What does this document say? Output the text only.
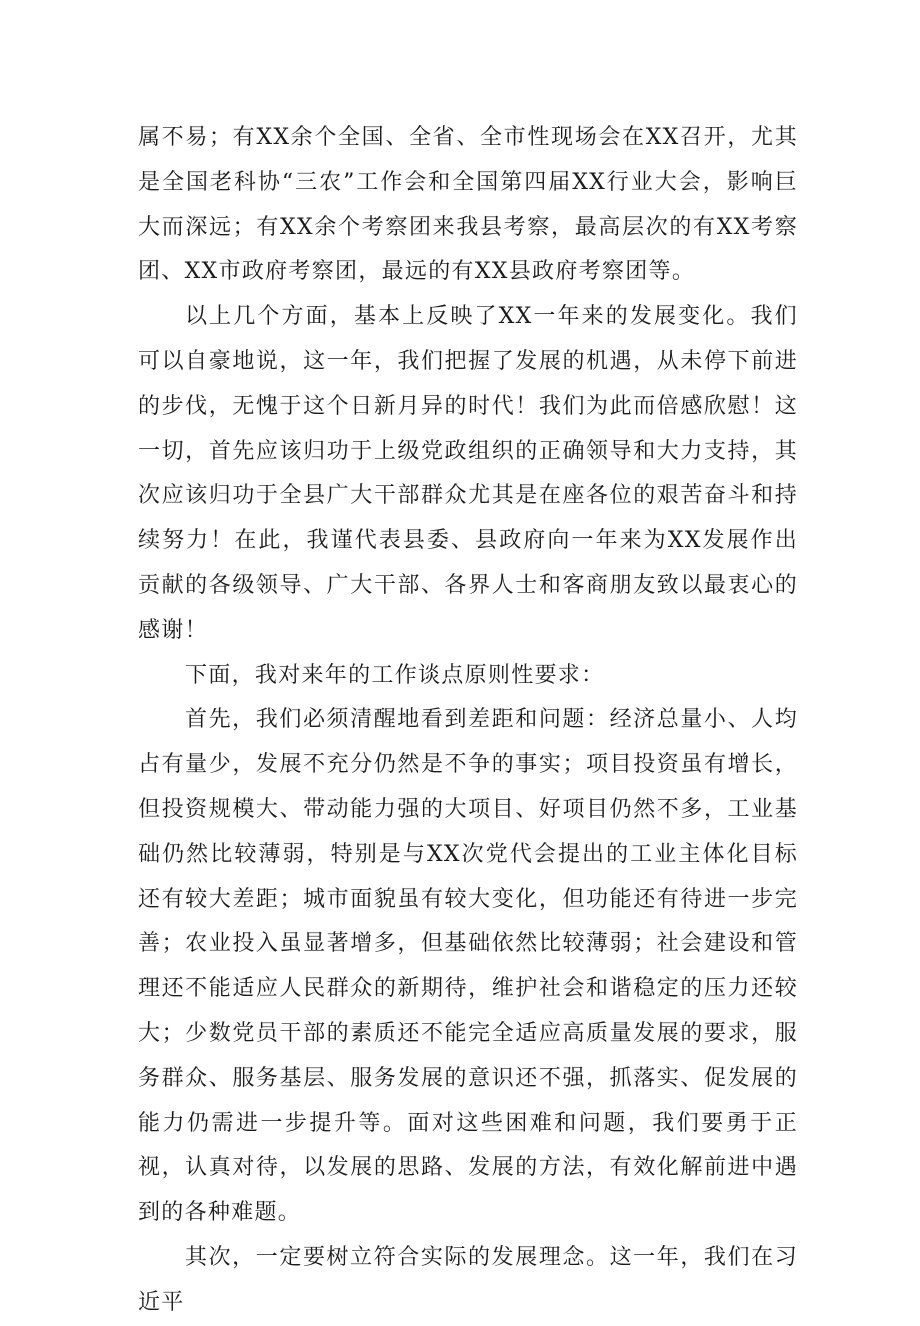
属不易；有XX余个全国、全省、全市性现场会在XX召开，尤其是全国老科协“三农”工作会和全国第四届XX行业大会，影响巨大而深远；有XX余个考察团来我县考察，最高层次的有XX考察团、XX市政府考察团，最远的有XX县政府考察团等。

以上几个方面，基本上反映了XX一年来的发展变化。我们可以自豪地说，这一年，我们把握了发展的机遇，从未停下前进的步伐，无愧于这个日新月异的时代！我们为此而倍感欣慰！这一切，首先应该归功于上级党政组织的正确领导和大力支持，其次应该归功于全县广大干部群众尤其是在座各位的艰苦奋斗和持续努力！在此，我谨代表县委、县政府向一年来为XX发展作出贡献的各级领导、广大干部、各界人士和客商朋友致以最衷心的感谢！

下面，我对来年的工作谈点原则性要求：

首先，我们必须清醒地看到差距和问题：经济总量小、人均占有量少，发展不充分仍然是不争的事实；项目投资虽有增长，但投资规模大、带动能力强的大项目、好项目仍然不多，工业基础仍然比较薄弱，特别是与XX次党代会提出的工业主体化目标还有较大差距；城市面貌虽有较大变化，但功能还有待进一步完善；农业投入虽显著增多，但基础依然比较薄弱；社会建设和管理还不能适应人民群众的新期待，维护社会和谐稳定的压力还较大；少数党员干部的素质还不能完全适应高质量发展的要求，服务群众、服务基层、服务发展的意识还不强，抓落实、促发展的能力仍需进一步提升等。面对这些困难和问题，我们要勇于正视，认真对待，以发展的思路、发展的方法，有效化解前进中遇到的各种难题。

其次，一定要树立符合实际的发展理念。这一年，我们在习近平
